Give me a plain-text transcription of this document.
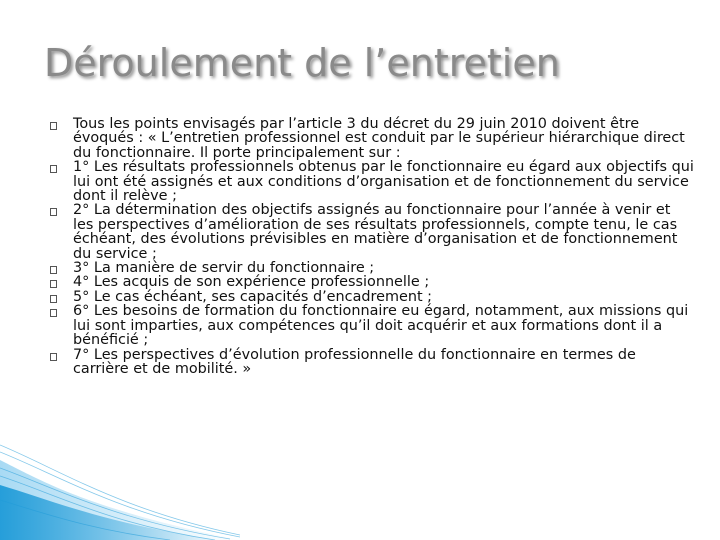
Déroulement de l’entretien
Tous les points envisagés par l’article 3 du décret du 29 juin 2010 doivent être évoqués : « L’entretien professionnel est conduit par le supérieur hiérarchique direct du fonctionnaire. Il porte principalement sur :
1° Les résultats professionnels obtenus par le fonctionnaire eu égard aux objectifs qui lui ont été assignés et aux conditions d’organisation et de fonctionnement du service dont il relève ;
2° La détermination des objectifs assignés au fonctionnaire pour l’année à venir et les perspectives d’amélioration de ses résultats professionnels, compte tenu, le cas échéant, des évolutions prévisibles en matière d’organisation et de fonctionnement du service ;
3° La manière de servir du fonctionnaire ;
4° Les acquis de son expérience professionnelle ;
5° Le cas échéant, ses capacités d’encadrement ;
6° Les besoins de formation du fonctionnaire eu égard, notamment, aux missions qui lui sont imparties, aux compétences qu’il doit acquérir et aux formations dont il a bénéficié ;
7° Les perspectives d’évolution professionnelle du fonctionnaire en termes de carrière et de mobilité. »
